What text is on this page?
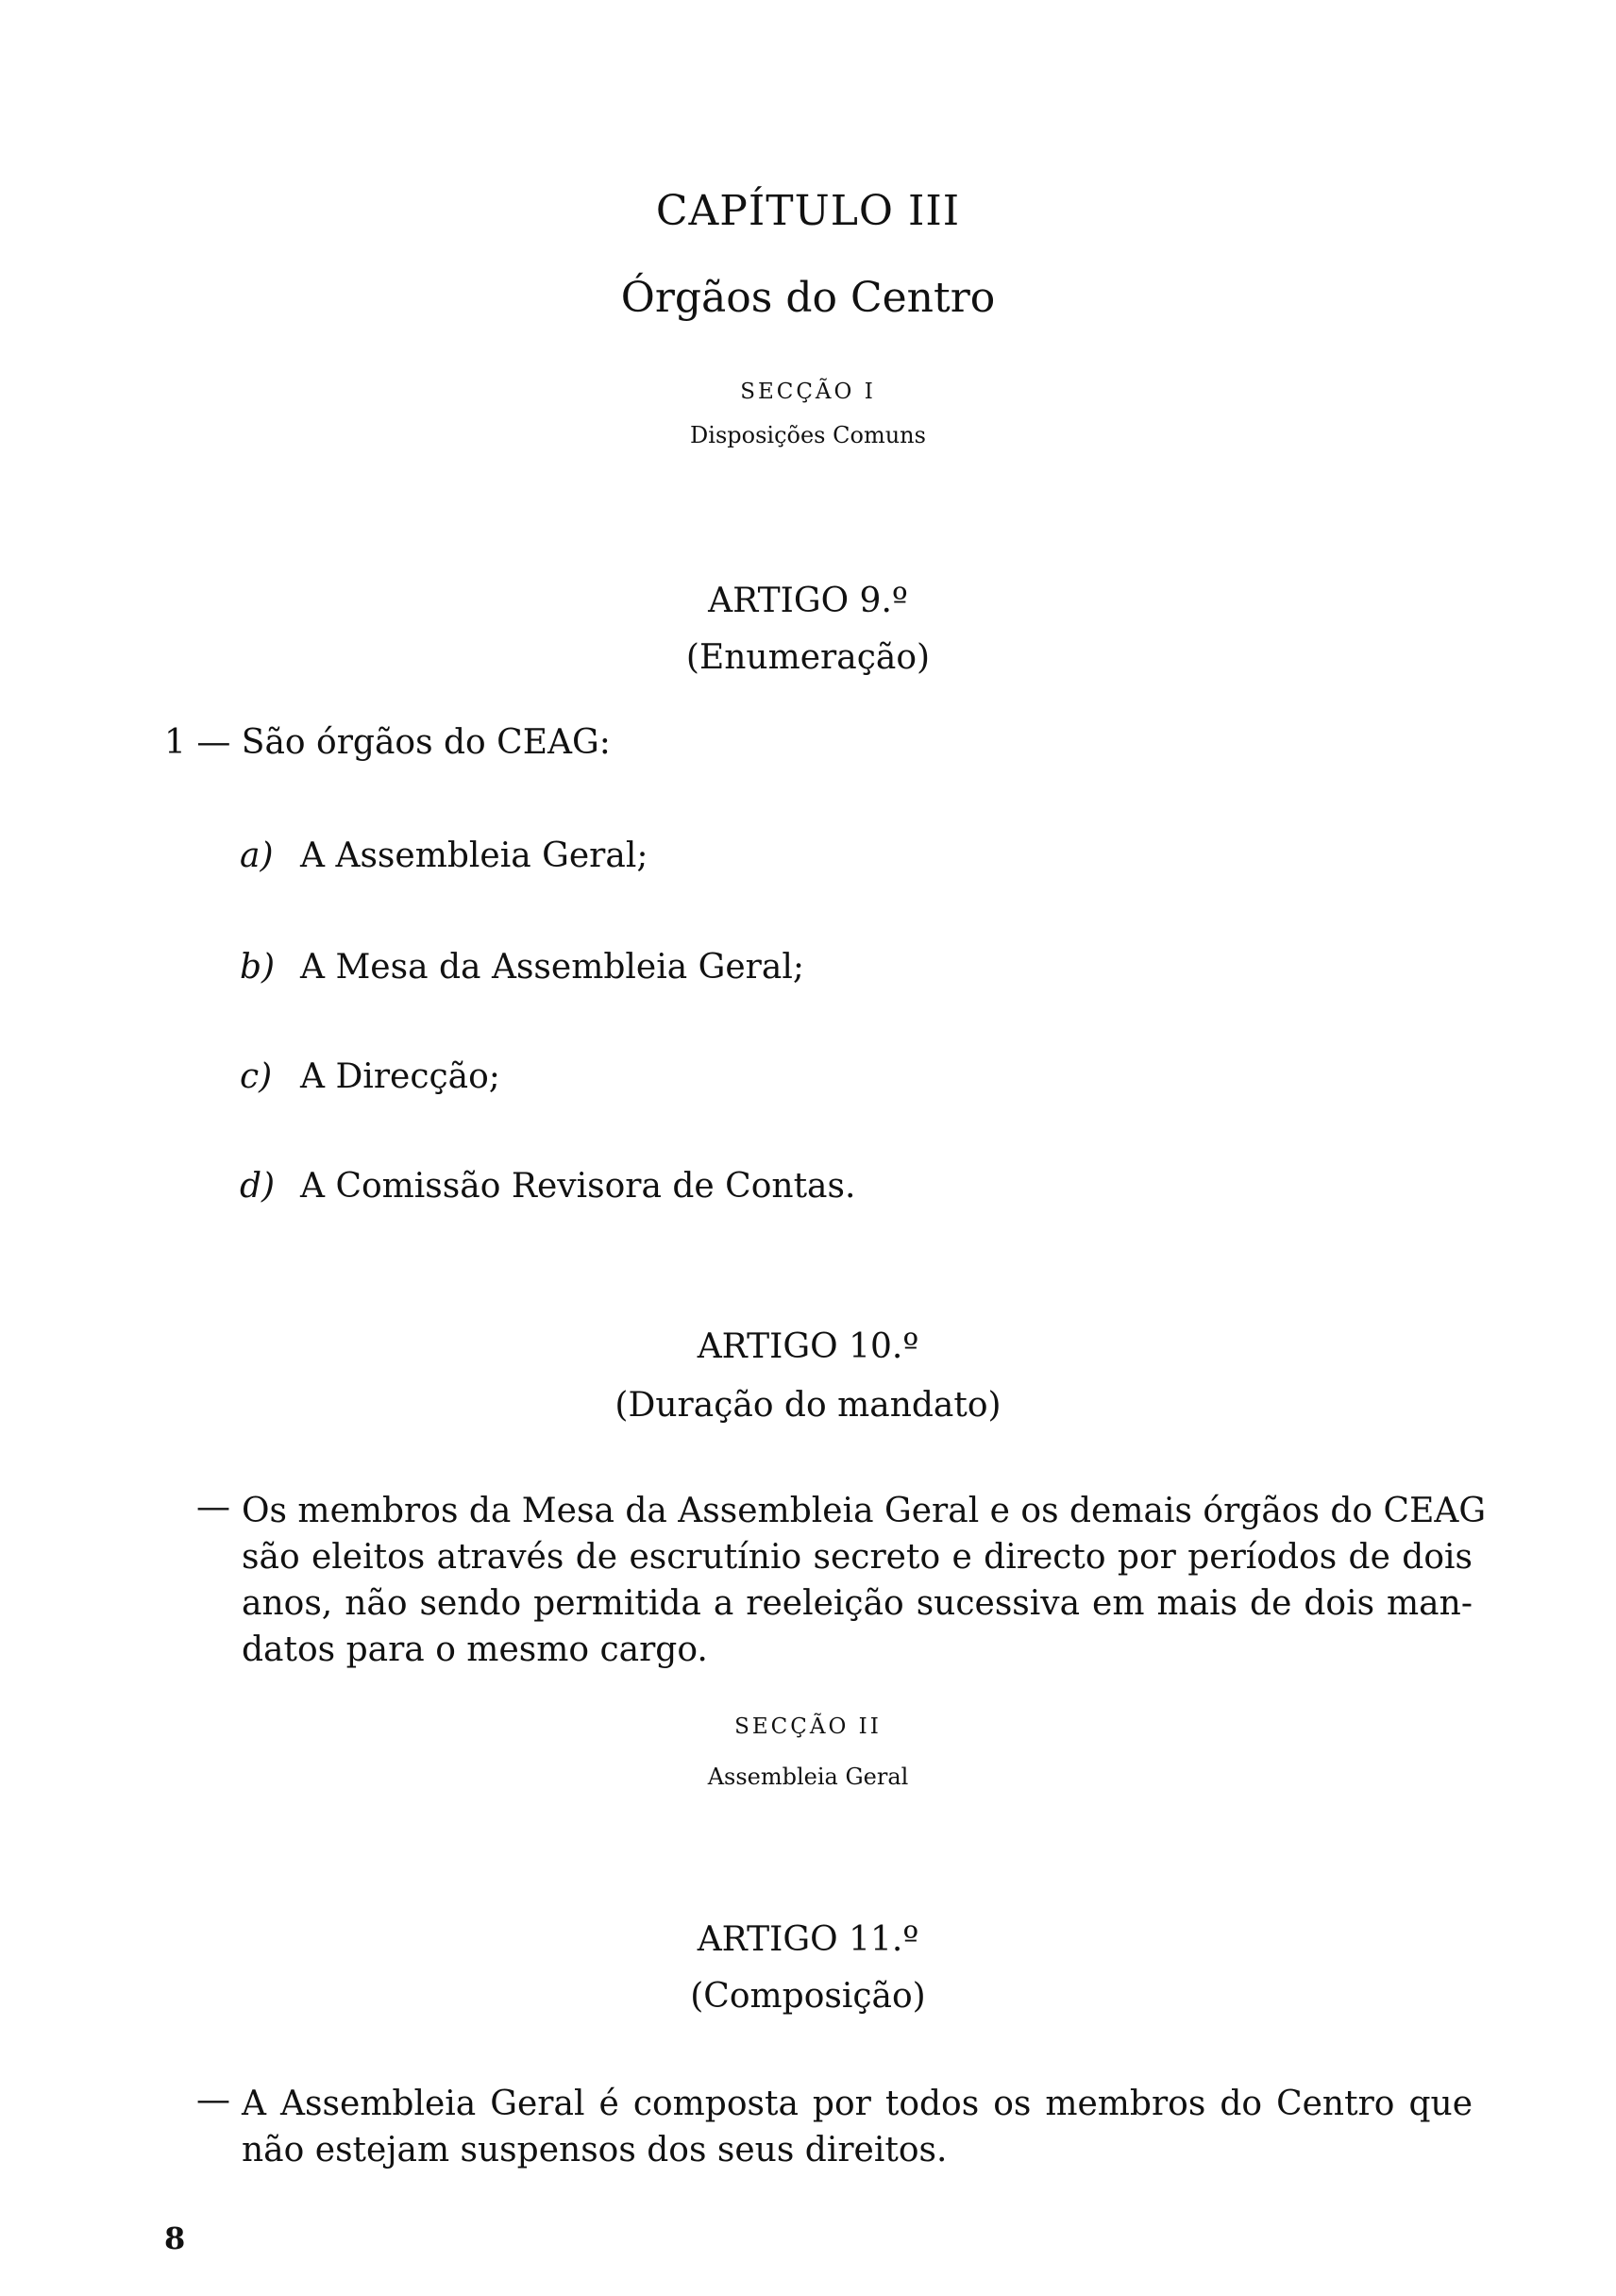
CAPÍTULO III
Órgãos do Centro
SECÇÃO I
Disposições Comuns
ARTIGO 9.º
(Enumeração)
1 — São órgãos do CEAG:
a) A Assembleia Geral;
b) A Mesa da Assembleia Geral;
c) A Direcção;
d) A Comissão Revisora de Contas.
ARTIGO 10.º
(Duração do mandato)
— Os membros da Mesa da Assembleia Geral e os demais órgãos do CEAG
são eleitos através de escrutínio secreto e directo por períodos de dois
anos, não sendo permitida a reeleição sucessiva em mais de dois man-
datos para o mesmo cargo.
SECÇÃO II
Assembleia Geral
ARTIGO 11.º
(Composição)
— A Assembleia Geral é composta por todos os membros do Centro que
não estejam suspensos dos seus direitos.
8
